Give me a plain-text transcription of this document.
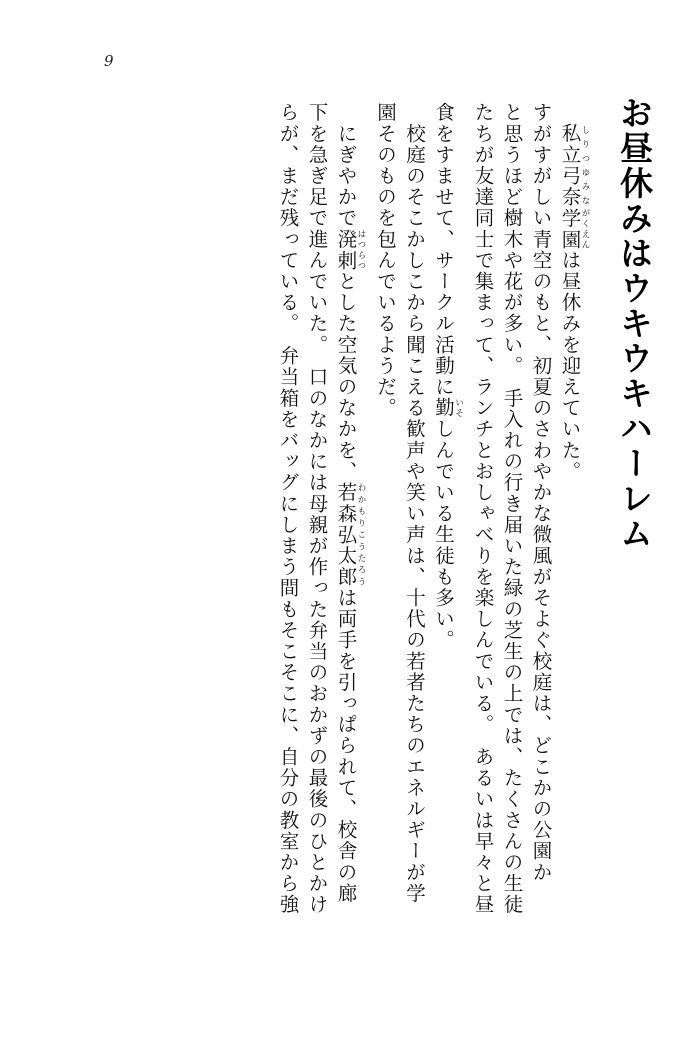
9
お昼休みはウキウキハーレム
　私立弓奈しりつゆみな学園がくえんは昼休みを迎えていた。
すがすがしい青空のもと、初夏のさわやかな微風がそよぐ校庭は、どこかの公園か
と思うほど樹木や花が多い。　手入れの行き届いた緑の芝生の上では、たくさんの生徒
たちが友達同士で集まって、ランチとおしゃべりを楽しんでいる。　あるいは早々と昼
食をすませて、サークル活動に勤いそしんでいる生徒も多い。
　校庭のそこかしこから聞こえる歓声や笑い声は、十代の若者たちのエネルギーが学
園そのものを包んでいるようだ。
　にぎやかで溌剌はつらつとした空気のなかを、若森弘太郎わかもりこうたろうは両手を引っぱられて、校舎の廊
下を急ぎ足で進んでいた。　口のなかには母親が作った弁当のおかずの最後のひとかけ
らが、まだ残っている。　弁当箱をバッグにしまう間もそこそこに、自分の教室から強
